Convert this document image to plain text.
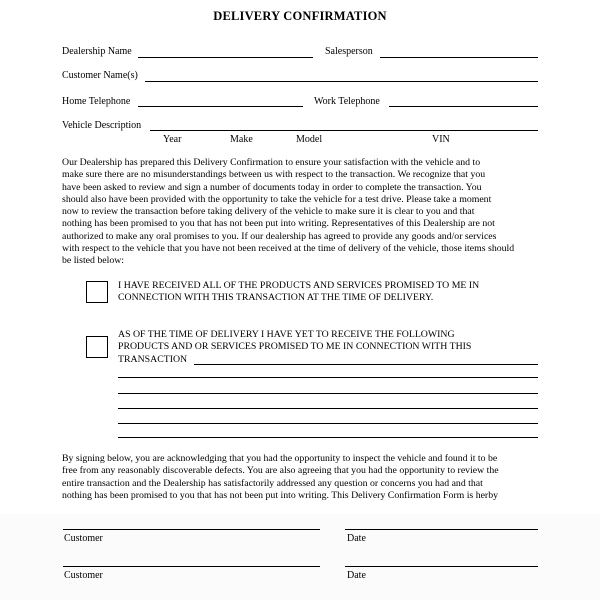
DELIVERY CONFIRMATION
Dealership Name	Salesperson
Customer Name(s)
Home Telephone	Work Telephone
Vehicle Description
Year	Make	Model	VIN
Our Dealership has prepared this Delivery Confirmation to ensure your satisfaction with the vehicle and to
make sure there are no misunderstandings between us with respect to the transaction. We recognize that you
have been asked to review and sign a number of documents today in order to complete the transaction. You
should also have been provided with the opportunity to take the vehicle for a test drive. Please take a moment
now to review the transaction before taking delivery of the vehicle to make sure it is clear to you and that
nothing has been promised to you that has not been put into writing. Representatives of this Dealership are not
authorized to make any oral promises to you. If our dealership has agreed to provide any goods and/or services
with respect to the vehicle that you have not been received at the time of delivery of the vehicle, those items should
be listed below:
I HAVE RECEIVED ALL OF THE PRODUCTS AND SERVICES PROMISED TO ME IN
CONNECTION WITH THIS TRANSACTION AT THE TIME OF DELIVERY.
AS OF THE TIME OF DELIVERY I HAVE YET TO RECEIVE THE FOLLOWING
PRODUCTS AND OR SERVICES PROMISED TO ME IN CONNECTION WITH THIS
TRANSACTION
By signing below, you are acknowledging that you had the opportunity to inspect the vehicle and found it to be
free from any reasonably discoverable defects. You are also agreeing that you had the opportunity to review the
entire transaction and the Dealership has satisfactorily addressed any question or concerns you had and that
nothing has been promised to you that has not been put into writing. This Delivery Confirmation Form is herby
Customer	Date
Customer	Date
